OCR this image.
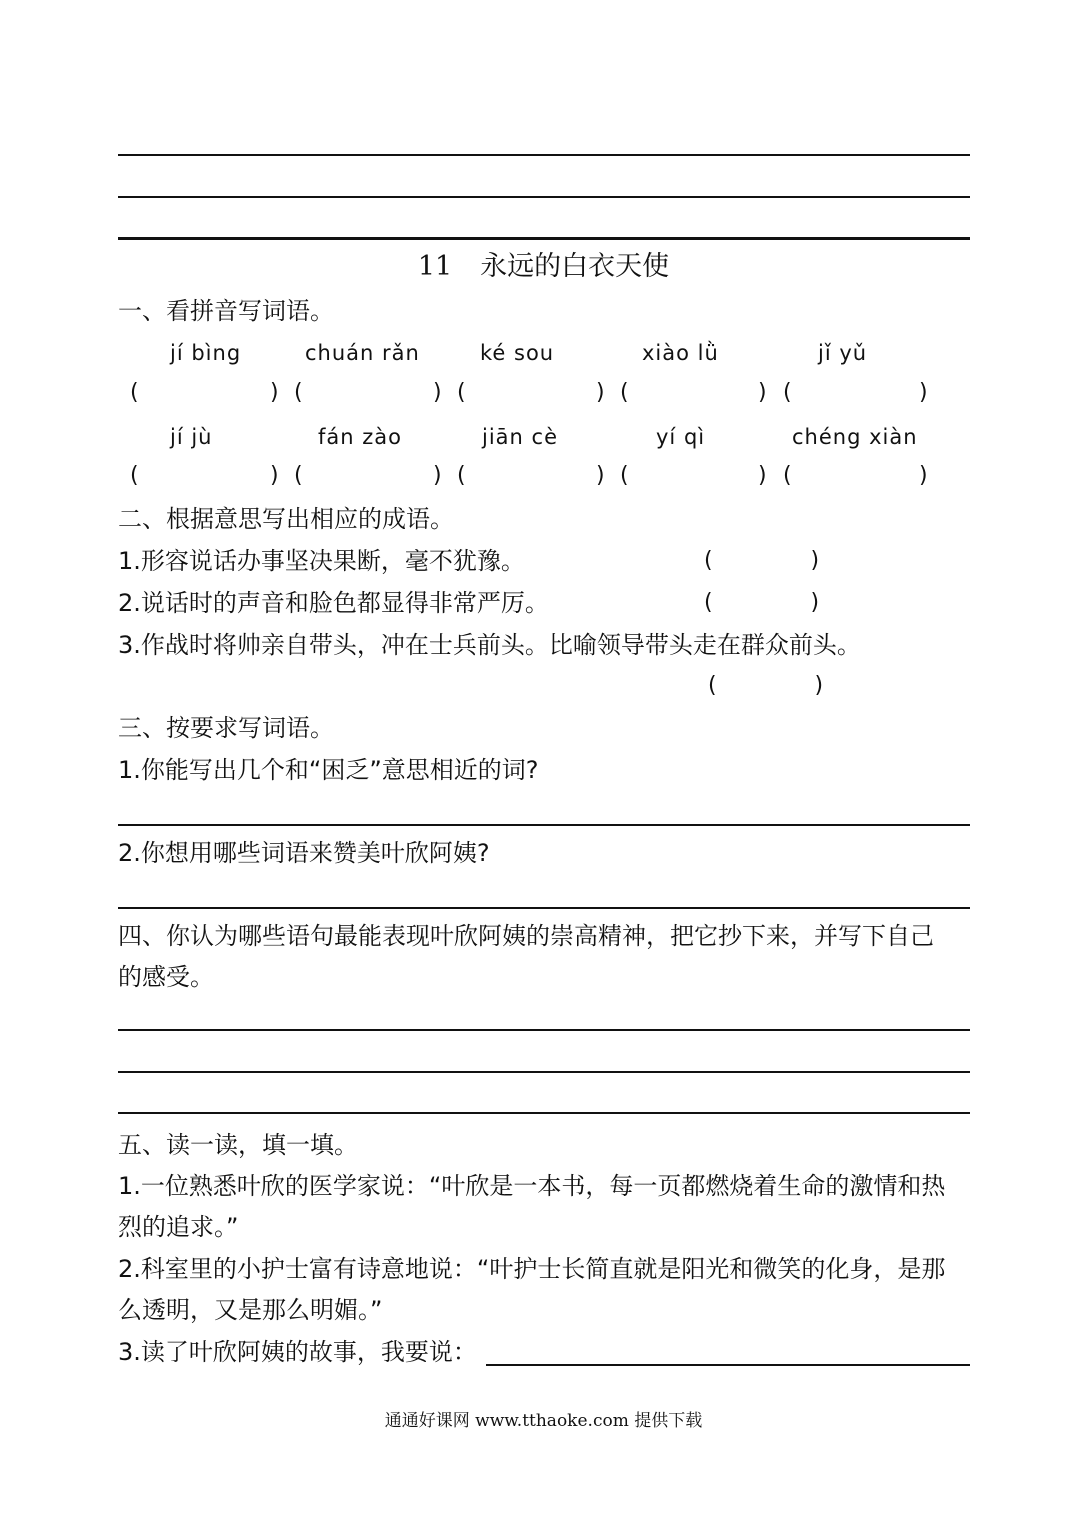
11 永远的白衣天使
一、看拼音写词语。
jí bìng	chuán rǎn	ké sou	xiào lǜ	jǐ yǔ
(	) (	) (	) (	) (	)
jí jù	fán zào	jiān cè	yí qì	chéng xiàn
(	) (	) (	) (	) (	)
二、根据意思写出相应的成语。
1.形容说话办事坚决果断，毫不犹豫。	(              )
2.说话时的声音和脸色都显得非常严厉。	(              )
3.作战时将帅亲自带头，冲在士兵前头。比喻领导带头走在群众前头。
(              )
三、按要求写词语。
1.你能写出几个和“困乏”意思相近的词?
2.你想用哪些词语来赞美叶欣阿姨?
四、你认为哪些语句最能表现叶欣阿姨的崇高精神，把它抄下来，并写下自己
的感受。
五、读一读，填一填。
1.一位熟悉叶欣的医学家说：“叶欣是一本书，每一页都燃烧着生命的激情和热
烈的追求。”
2.科室里的小护士富有诗意地说：“叶护士长简直就是阳光和微笑的化身，是那
么透明，又是那么明媚。”
3.读了叶欣阿姨的故事，我要说：
通通好课网 www.tthaoke.com 提供下载
